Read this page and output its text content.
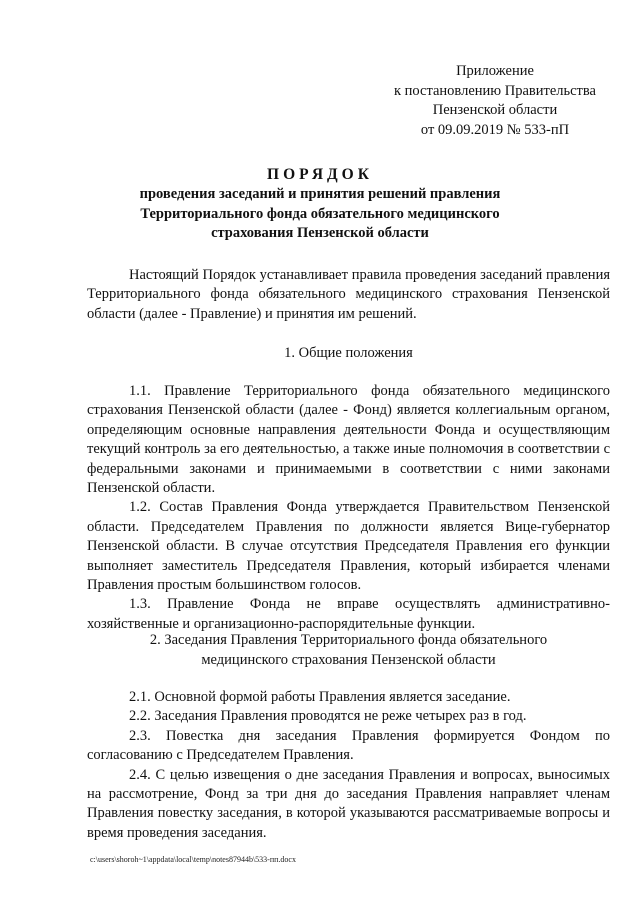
Приложение
к постановлению Правительства
Пензенской области
от 09.09.2019 № 533-пП
ПОРЯДОК
проведения заседаний и принятия решений правления
Территориального фонда обязательного медицинского
страхования Пензенской области

Настоящий Порядок устанавливает правила проведения заседаний правления Территориального фонда обязательного медицинского страхования Пензенской области (далее - Правление) и принятия им решений.

1. Общие положения

1.1. Правление Территориального фонда обязательного медицинского страхования Пензенской области (далее - Фонд) является коллегиальным органом, определяющим основные направления деятельности Фонда и осуществляющим текущий контроль за его деятельностью, а также иные полномочия в соответствии с федеральными законами и принимаемыми в соответствии с ними законами Пензенской области.

1.2. Состав Правления Фонда утверждается Правительством Пензенской области. Председателем Правления по должности является Вице-губернатор Пензенской области. В случае отсутствия Председателя Правления его функции выполняет заместитель Председателя Правления, который избирается членами Правления простым большинством голосов.

1.3. Правление Фонда не вправе осуществлять административно-хозяйственные и организационно-распорядительные функции.

2. Заседания Правления Территориального фонда обязательного
медицинского страхования Пензенской области

2.1. Основной формой работы Правления является заседание.

2.2. Заседания Правления проводятся не реже четырех раз в год.

2.3. Повестка дня заседания Правления формируется Фондом по согласованию с Председателем Правления.

2.4. С целью извещения о дне заседания Правления и вопросах, выносимых на рассмотрение, Фонд за три дня до заседания Правления направляет членам Правления повестку заседания, в которой указываются рассматриваемые вопросы и время проведения заседания.

c:\users\shoroh~1\appdata\local\temp\notes87944b\533-пп.docx
